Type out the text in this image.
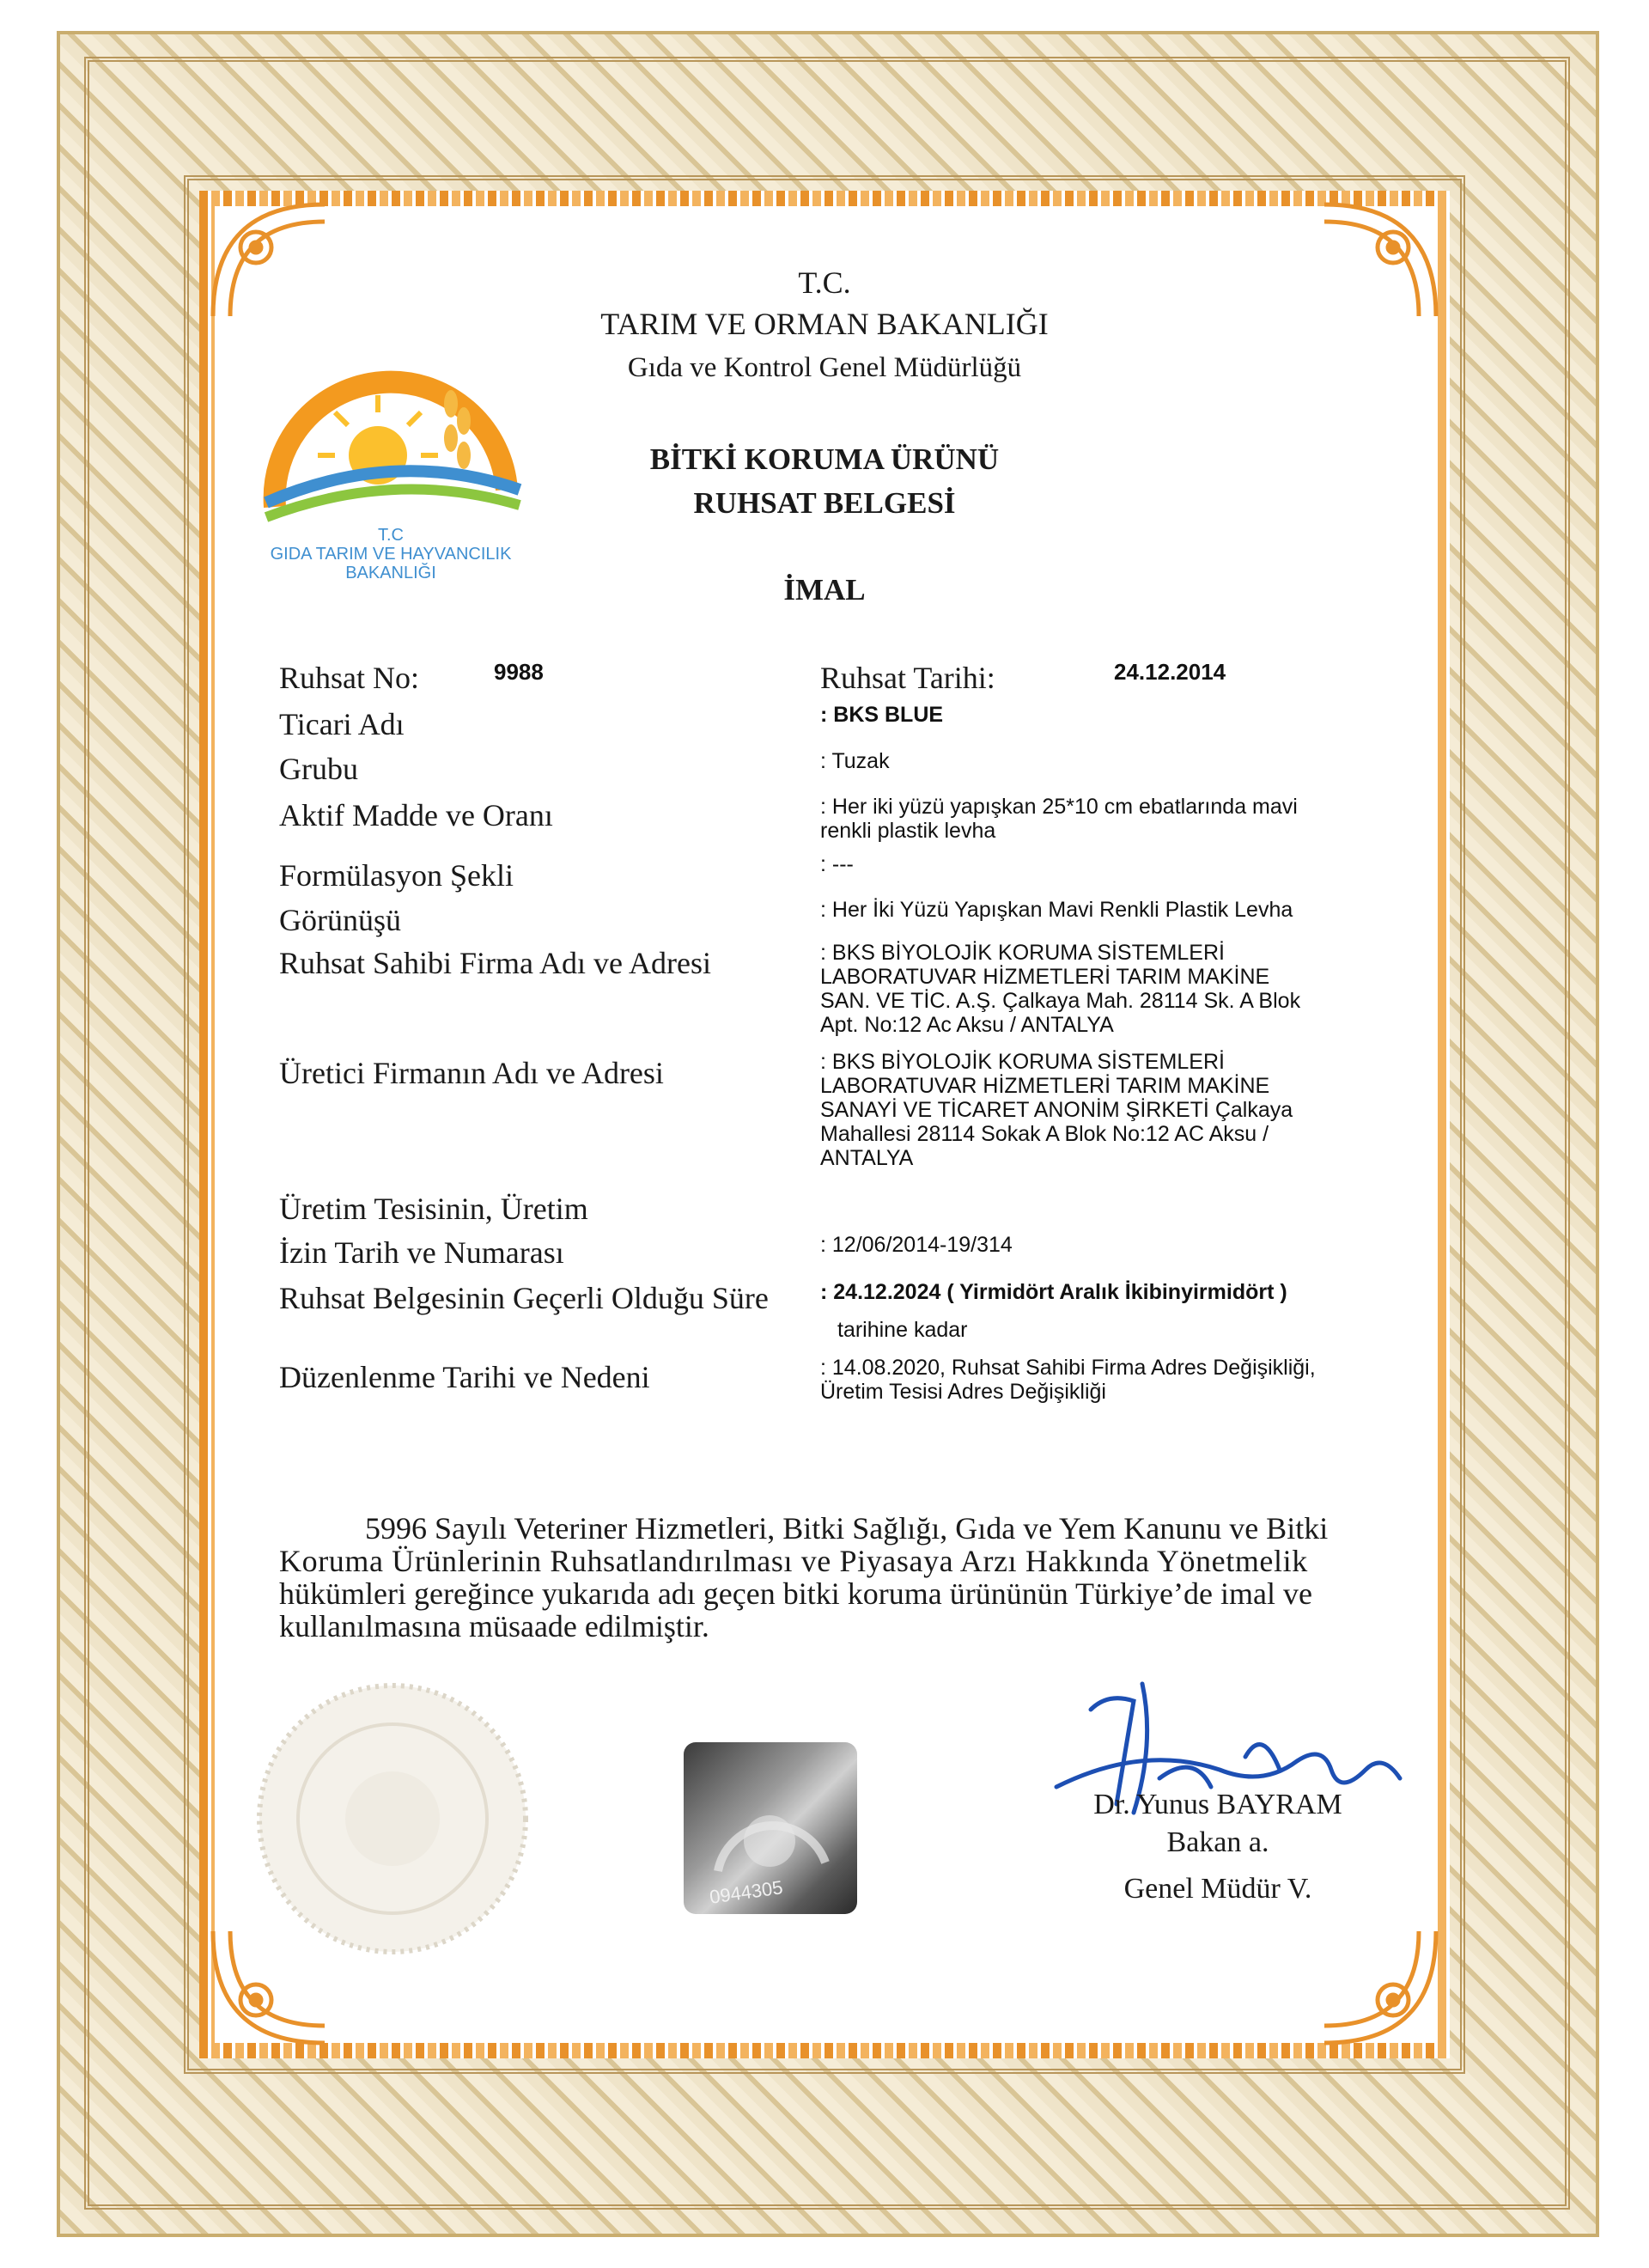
T.C
GIDA TARIM VE HAYVANCILIK
BAKANLIĞI
T.C.
TARIM VE ORMAN BAKANLIĞI
Gıda ve Kontrol Genel Müdürlüğü
BİTKİ KORUMA ÜRÜNÜ
RUHSAT BELGESİ
İMAL
Ruhsat No:	9988	Ruhsat Tarihi:	24.12.2014
Ticari Adı	: BKS BLUE
Grubu	: Tuzak
Aktif Madde ve Oranı	: Her iki yüzü yapışkan 25*10 cm ebatlarında mavi
renkli plastik levha
Formülasyon Şekli	: ---
Görünüşü	: Her İki Yüzü Yapışkan Mavi Renkli Plastik Levha
Ruhsat Sahibi Firma Adı ve Adresi	: BKS BİYOLOJİK KORUMA SİSTEMLERİ
LABORATUVAR HİZMETLERİ TARIM MAKİNE
SAN. VE TİC. A.Ş. Çalkaya Mah. 28114 Sk. A Blok
Apt. No:12 Ac Aksu / ANTALYA
Üretici Firmanın Adı ve Adresi	: BKS BİYOLOJİK KORUMA SİSTEMLERİ
LABORATUVAR HİZMETLERİ TARIM MAKİNE
SANAYİ VE TİCARET ANONİM ŞİRKETİ Çalkaya
Mahallesi 28114 Sokak A Blok No:12 AC Aksu /
ANTALYA
Üretim Tesisinin, Üretim
İzin Tarih ve Numarası	: 12/06/2014-19/314
Ruhsat Belgesinin Geçerli Olduğu Süre : 24.12.2024 ( Yirmidört Aralık İkibinyirmidört )
tarihine kadar
Düzenlenme Tarihi ve Nedeni	: 14.08.2020, Ruhsat Sahibi Firma Adres Değişikliği,
Üretim Tesisi Adres Değişikliği
5996 Sayılı Veteriner Hizmetleri, Bitki Sağlığı, Gıda ve Yem Kanunu ve Bitki
Koruma Ürünlerinin Ruhsatlandırılması ve Piyasaya Arzı Hakkında Yönetmelik
hükümleri gereğince yukarıda adı geçen bitki koruma ürününün Türkiye’de imal ve
kullanılmasına müsaade edilmiştir.
0944305
Dr. Yunus BAYRAM
Bakan a.
Genel Müdür V.
